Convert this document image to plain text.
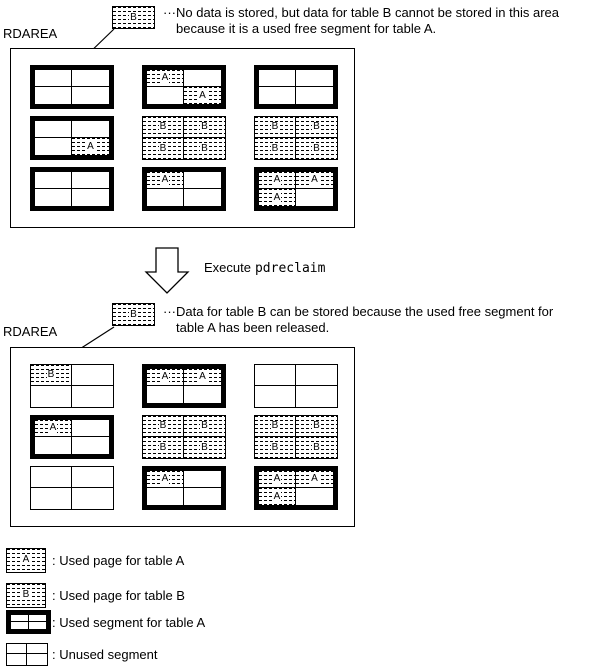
B ···No data is stored, but data for table B cannot be stored in this area
because it is a used free segment for table A.
RDAREA
A
A
A
B	B
B	B
B	B
B	B
A	A	A
A
Execute pdreclaim
B ···Data for table B can be stored because the used free segment for
table A has been released.
RDAREA
B	A	A
A	B	B
B	B
B	B
B	B
A	A	A
A
A : Used page for table A
B : Used page for table B
: Used segment for table A
: Unused segment
